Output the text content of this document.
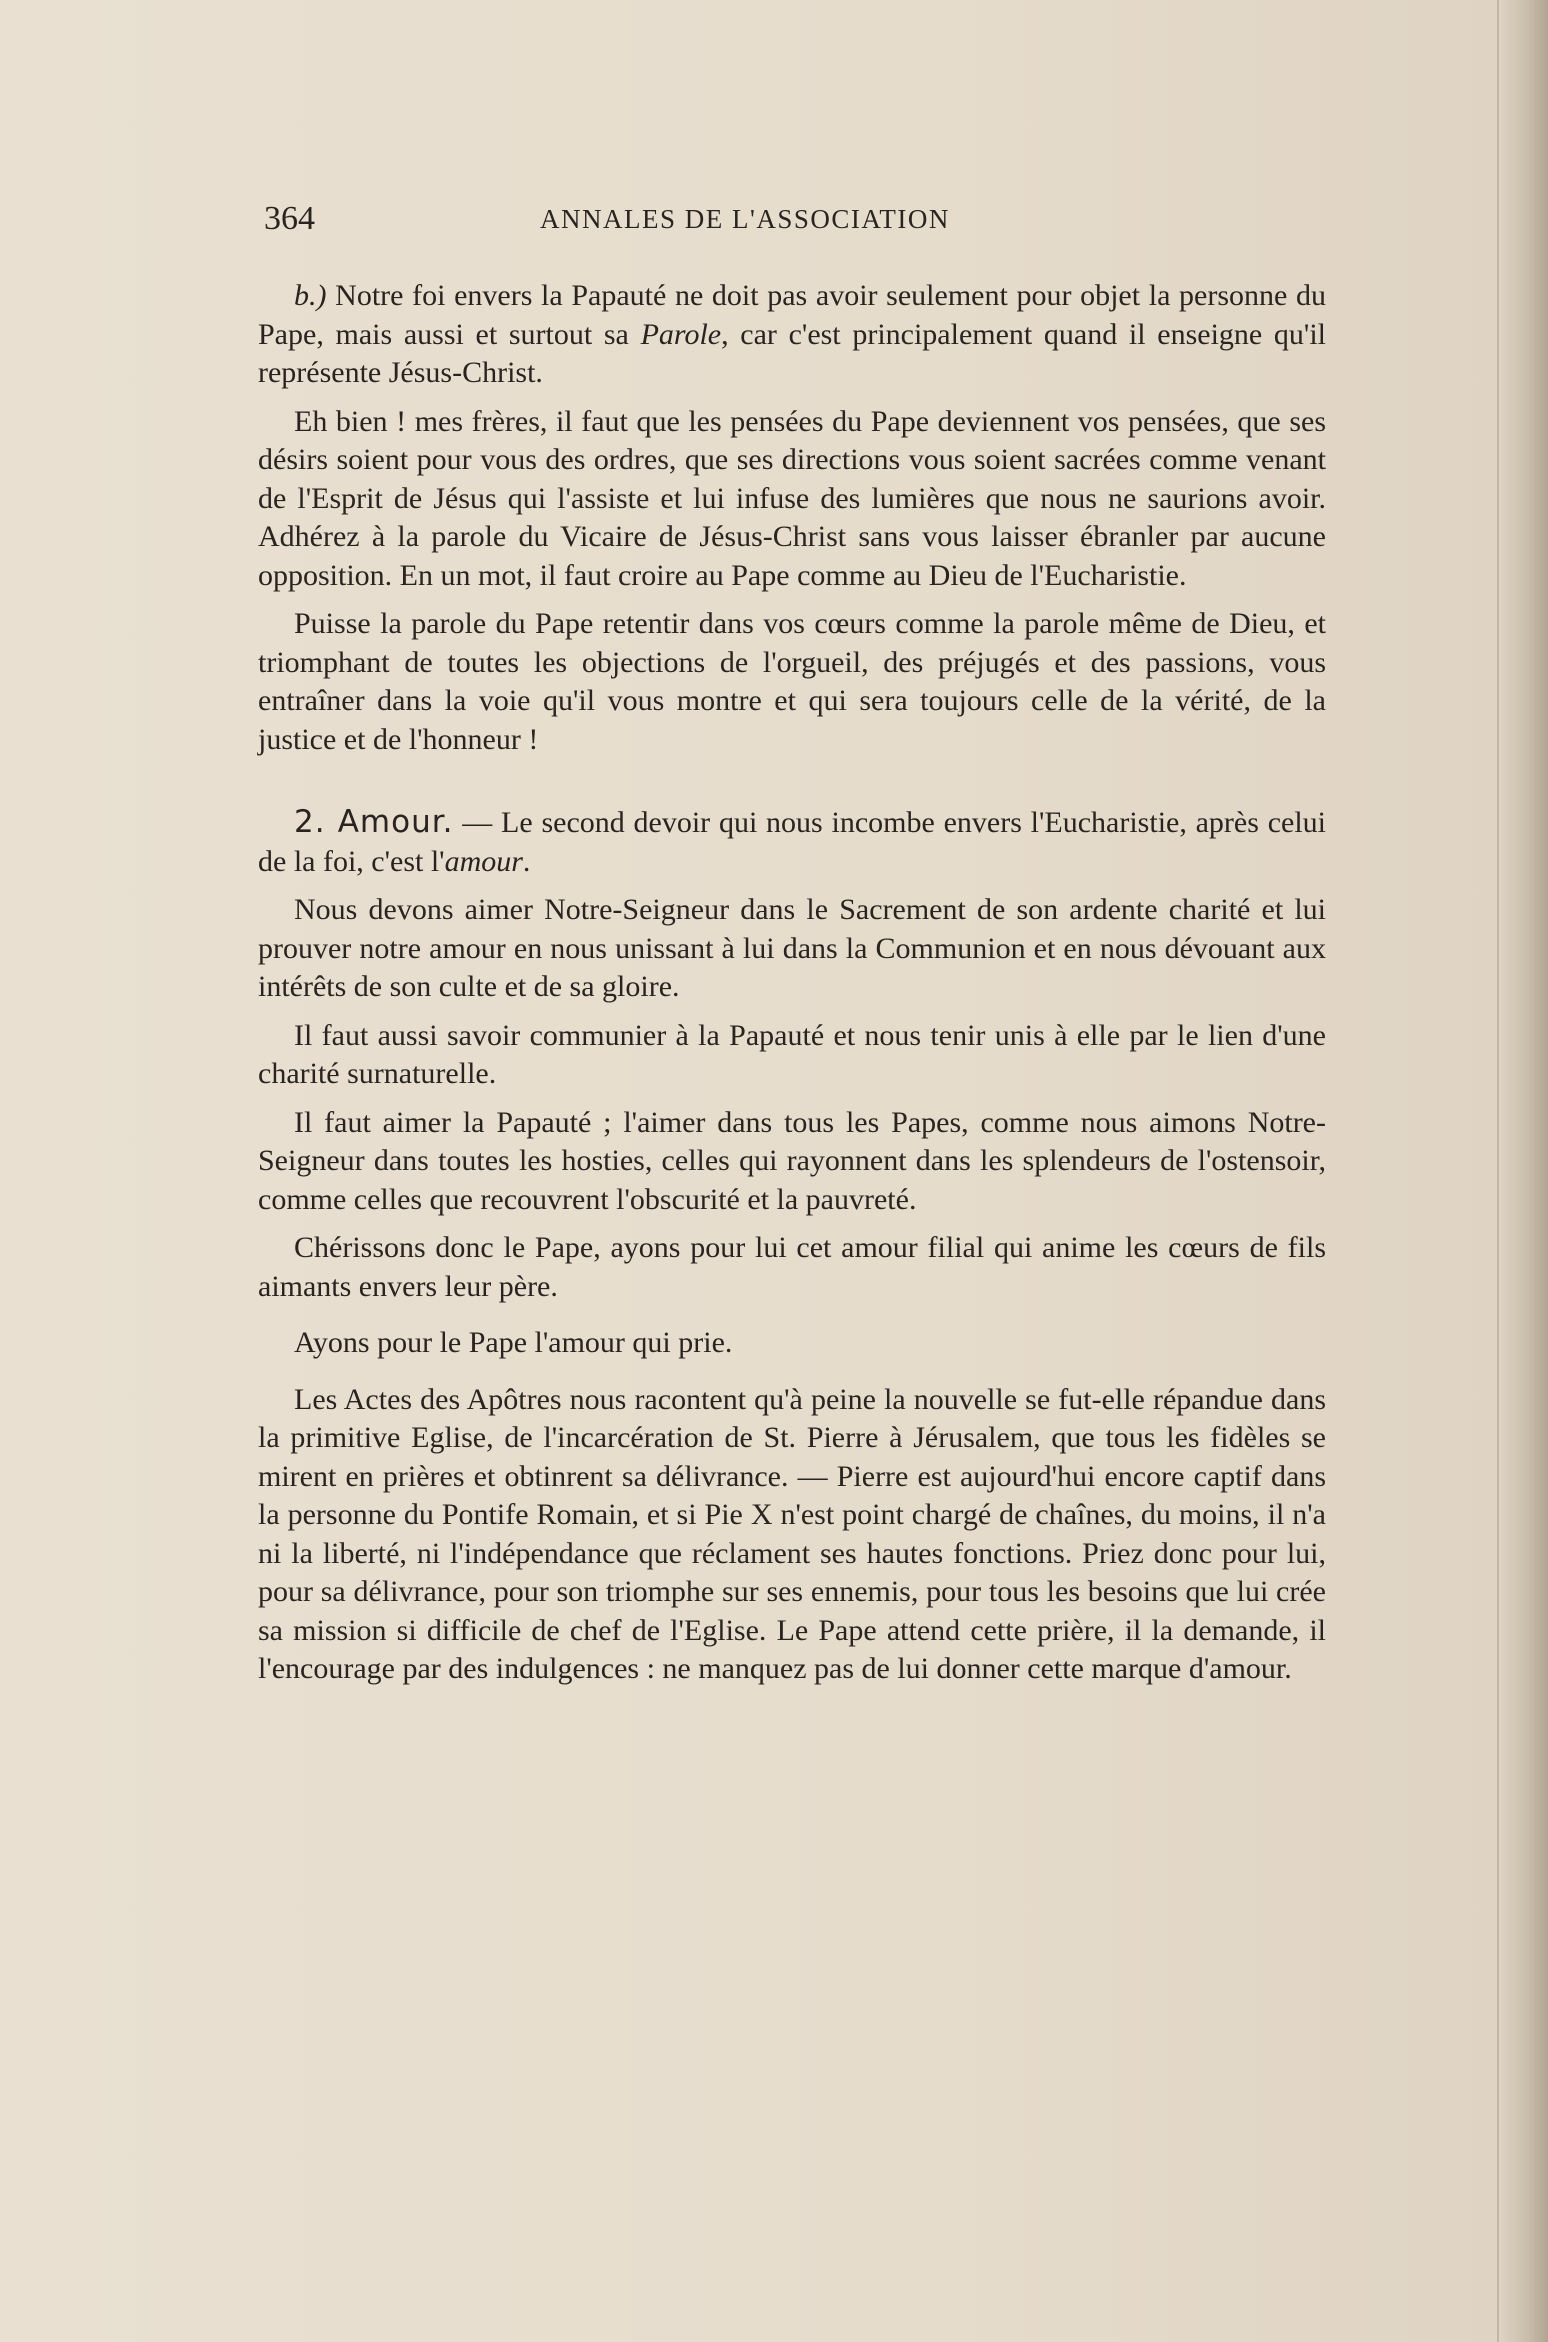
364	ANNALES DE L'ASSOCIATION

b.) Notre foi envers la Papauté ne doit pas avoir seulement pour objet la personne du Pape, mais aussi et surtout sa Parole, car c'est principalement quand il enseigne qu'il représente Jésus-Christ.

Eh bien ! mes frères, il faut que les pensées du Pape deviennent vos pensées, que ses désirs soient pour vous des ordres, que ses directions vous soient sacrées comme venant de l'Esprit de Jésus qui l'assiste et lui infuse des lumières que nous ne saurions avoir. Adhérez à la parole du Vicaire de Jésus-Christ sans vous laisser ébranler par aucune opposition. En un mot, il faut croire au Pape comme au Dieu de l'Eucharistie.

Puisse la parole du Pape retentir dans vos cœurs comme la parole même de Dieu, et triomphant de toutes les objections de l'orgueil, des préjugés et des passions, vous entraîner dans la voie qu'il vous montre et qui sera toujours celle de la vérité, de la justice et de l'honneur !

2. Amour. — Le second devoir qui nous incombe envers l'Eucharistie, après celui de la foi, c'est l'amour.

Nous devons aimer Notre-Seigneur dans le Sacrement de son ardente charité et lui prouver notre amour en nous unissant à lui dans la Communion et en nous dévouant aux intérêts de son culte et de sa gloire.

Il faut aussi savoir communier à la Papauté et nous tenir unis à elle par le lien d'une charité surnaturelle.

Il faut aimer la Papauté ; l'aimer dans tous les Papes, comme nous aimons Notre-Seigneur dans toutes les hosties, celles qui rayonnent dans les splendeurs de l'ostensoir, comme celles que recouvrent l'obscurité et la pauvreté.

Chérissons donc le Pape, ayons pour lui cet amour filial qui anime les cœurs de fils aimants envers leur père.

Ayons pour le Pape l'amour qui prie.

Les Actes des Apôtres nous racontent qu'à peine la nouvelle se fut-elle répandue dans la primitive Eglise, de l'incarcération de St. Pierre à Jérusalem, que tous les fidèles se mirent en prières et obtinrent sa délivrance. — Pierre est aujourd'hui encore captif dans la personne du Pontife Romain, et si Pie X n'est point chargé de chaînes, du moins, il n'a ni la liberté, ni l'indépendance que réclament ses hautes fonctions. Priez donc pour lui, pour sa délivrance, pour son triomphe sur ses ennemis, pour tous les besoins que lui crée sa mission si difficile de chef de l'Eglise. Le Pape attend cette prière, il la demande, il l'encourage par des indulgences : ne manquez pas de lui donner cette marque d'amour.
